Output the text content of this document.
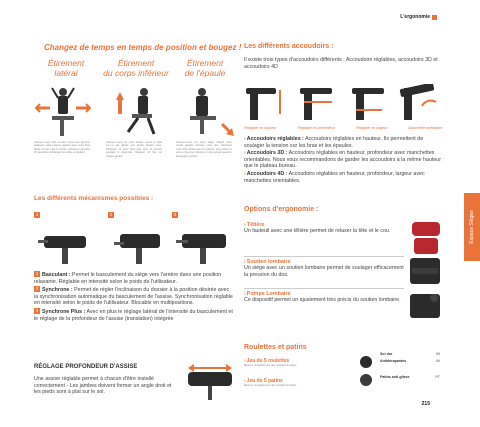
L'ergonomie
Espace Sièges
Changez de temps en temps de position et bougez !
Étirement
latéral
Étirement
du corps inférieur
Étirement
de l'épaule
Asseyez-vous droit et sans votre bras gauche, saisissez votre poignet gauche avec votre bras droite et tirez vers la droite, maintenez pendant 10 secondes. Echangez les côtés et répétez.
Asseyez-vous sur votre chaise, posez le pied sur le sol. Étirez une jambe devant vous. Soulevez ou avez haut que vous le pouvez pendant 2 secondes. Répétez 10 fois sur chaque jambe.
Asseyez-vous sur votre siège, dirigez votre coude gauche derrière votre dos. Saisissez votre bras droite avec la gratteur, puis placez le vers le bas pour étendre à votre épaule gauche. Echangez et étirez.
Les différents mécanismes possibles :
1	2	3
1 Basculant : Permet le basculement du siège vers l'arrière dans une position relaxante. Réglable en intensité selon le poids de l'utilisateur.
2 Synchrone : Permet de régler l'inclinaison du dossier à la position désirée avec la synchronisation automatique du basculement de l'assise. Synchronisation réglable en intensité selon le poids de l'utilisateur. Blocable en multipositions.
3 Synchrone Plus : Avec en plus le réglage latéral de l'intensité du basculement et le réglage de la profondeur de l'assise (translation) intégrée
RÉGLAGE PROFONDEUR D'ASSISE
Une assise réglable permet à chacun d'être installé correctement - Les jambes doivent former un angle droit et les pieds sont à plat sur le sol.
Les différents accoudoirs :
Il existe trois types d'accoudoirs différents : Accoudoirs réglables, accoudoirs 3D et accoudoirs 4D
Réglable en hauteur	Réglable en profondeur	Réglable en largeur	Manchette orientable
›Accoudoirs réglables : Accoudoirs réglables en hauteur. Ils permettent de soulager la tension sur les bras et les épaules.
›Accoudoirs 3D : Accoudoirs réglables en hauteur, profondeur avec manchettes orientables. Nous vous recommandons de garder les accoudoirs à la même hauteur que le plateau bureau.
›Accoudoirs 4D : Accoudoirs réglables en hauteur, profondeur, largeur avec manchettes orientables.
Options d'ergonomie :
›Têtière
Un fauteuil avec une têtière permet de relaxer la tête et le cou.
›Soutien lombaire
Un siège avec un soutien lombaire permet de soulager efficacement la pression du dos.
›Pompe Lombaire
Ce dispositif permet un ajustement très précis du soutien lombaire.
Roulettes et patins
›Jeu de 5 roulettes
Idéal en remplacement des roulettes d'origine
›Jeu de 5 patins
Idéal en remplacement des roulettes d'origine
Sol dur	60
Antidérapantes	60
Patins anti-glisse	PT
215
